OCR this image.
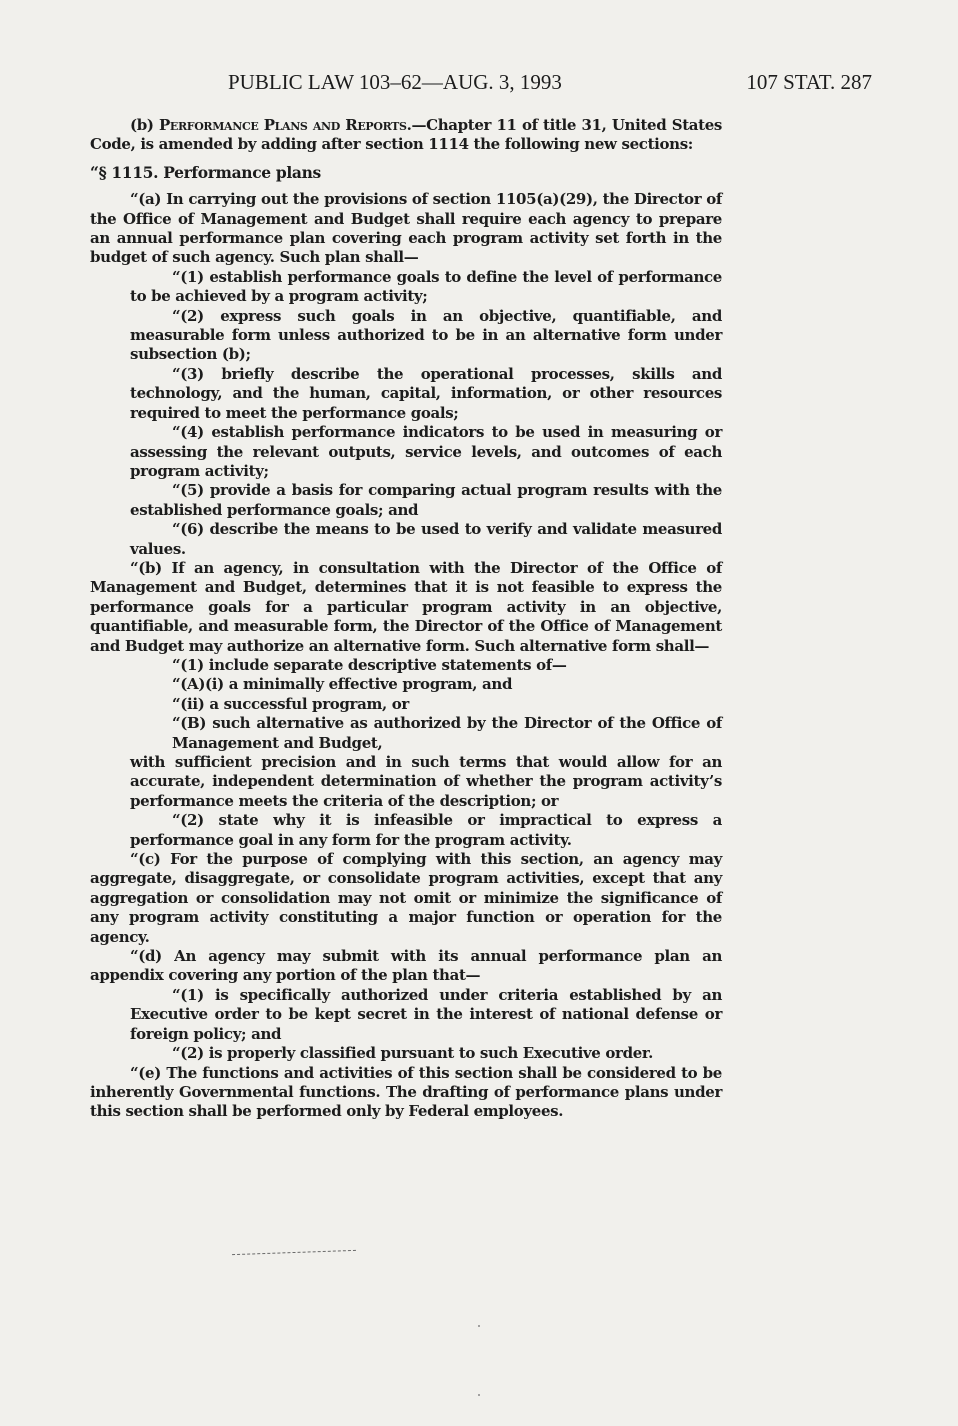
PUBLIC LAW 103–62—AUG. 3, 1993	107 STAT. 287

(b) Performance Plans and Reports.—Chapter 11 of title 31, United States Code, is amended by adding after section 1114 the following new sections:

“§ 1115. Performance plans

“(a) In carrying out the provisions of section 1105(a)(29), the Director of the Office of Management and Budget shall require each agency to prepare an annual performance plan covering each program activity set forth in the budget of such agency. Such plan shall—

“(1) establish performance goals to define the level of performance to be achieved by a program activity;

“(2) express such goals in an objective, quantifiable, and measurable form unless authorized to be in an alternative form under subsection (b);

“(3) briefly describe the operational processes, skills and technology, and the human, capital, information, or other resources required to meet the performance goals;

“(4) establish performance indicators to be used in measuring or assessing the relevant outputs, service levels, and outcomes of each program activity;

“(5) provide a basis for comparing actual program results with the established performance goals; and

“(6) describe the means to be used to verify and validate measured values.

“(b) If an agency, in consultation with the Director of the Office of Management and Budget, determines that it is not feasible to express the performance goals for a particular program activity in an objective, quantifiable, and measurable form, the Director of the Office of Management and Budget may authorize an alternative form. Such alternative form shall—

“(1) include separate descriptive statements of—

“(A)(i) a minimally effective program, and

“(ii) a successful program, or

“(B) such alternative as authorized by the Director of the Office of Management and Budget,

with sufficient precision and in such terms that would allow for an accurate, independent determination of whether the program activity’s performance meets the criteria of the description; or

“(2) state why it is infeasible or impractical to express a performance goal in any form for the program activity.

“(c) For the purpose of complying with this section, an agency may aggregate, disaggregate, or consolidate program activities, except that any aggregation or consolidation may not omit or minimize the significance of any program activity constituting a major function or operation for the agency.

“(d) An agency may submit with its annual performance plan an appendix covering any portion of the plan that—

“(1) is specifically authorized under criteria established by an Executive order to be kept secret in the interest of national defense or foreign policy; and

“(2) is properly classified pursuant to such Executive order.

“(e) The functions and activities of this section shall be considered to be inherently Governmental functions. The drafting of performance plans under this section shall be performed only by Federal employees.
